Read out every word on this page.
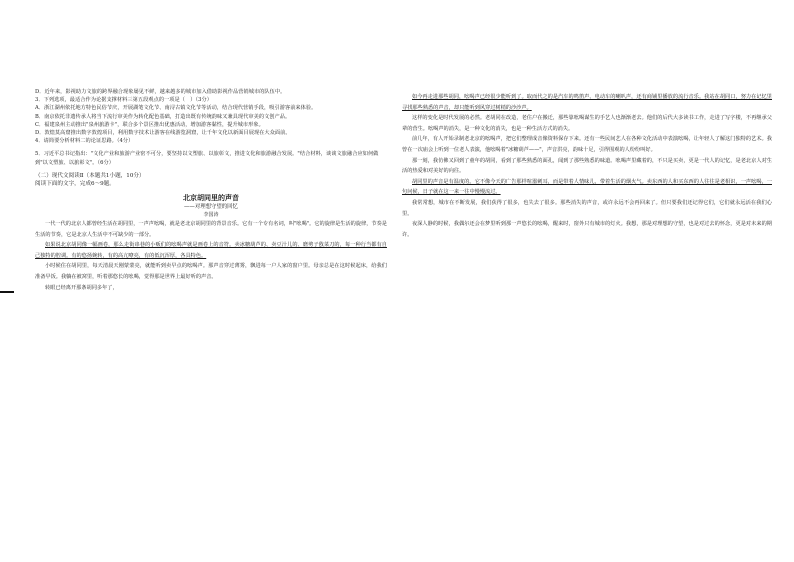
D．近年来，影视助力文旅的跨界融合现象屡见不鲜，越来越多的城市加入借助影视作品营销城市的队伍中。

3．下列选项，最适合作为论据支撑材料三第五段观点的一项是（　）（3分）

A．浙江湖州依托地方特色民俗节庆，开展湖笔文化节、南浔古镇文化节等活动，结合现代营销手段，吸引游客前来体验。

B．南京依托非遗传承人将当下流行审美作为转化配色基础，打造出既有传统韵味又兼具现代审美的文创产品。

C．福建泉州主动推出"泉州旅游卡"，联合多个景区推出优惠活动，增加游客黏性，提升城市形象。

D．敦煌莫高窟推出数字敦煌项目，利用数字技术让游客在线游览洞窟，让千年文化以新面目展现在大众面前。

4．请简要分析材料二的论证思路。（4分）

5．习近平总书记指出："文化产业和旅游产业密不可分，要坚持以文塑旅、以旅彰文，推进文化和旅游融合发展。"结合材料，谈谈文旅融合应如何做到"以文塑旅、以旅彰文"。（6分）

（二）现代文阅读Ⅱ（本题共1小题，10分）

阅读下面的文字，完成6～9题。

北京胡同里的声音
——对理想守望的回忆
李国涛

一代一代的北京人都曾经生活在胡同里，一声声吆喝，就是老北京胡同里的背景音乐。它有一个专有名词，叫"吆喝"。它的旋律是生活的旋律，节奏是生活的节奏，它是北京人生活中不可缺少的一部分。

如果说北京胡同像一幅画卷，那么走街串巷的小贩们的吆喝声就是画卷上的音符。卖冰糖葫芦的、卖豆汁儿的、磨剪子戗菜刀的，每一种行当都有自己独特的腔调。有的悠扬婉转，有的高亢嘹亮，有的低沉浑厚，各具特色。

小时候住在胡同里，每天清晨天刚蒙蒙亮，就能听到卖早点的吆喝声。那声音穿过薄雾，飘进每一户人家的窗户里。母亲总是在这时候起床，给我们准备早饭。我躺在被窝里，听着那悠长的吆喝，觉得那是世界上最好听的声音。

转眼已经离开那条胡同多年了，

如今再走进那些胡同，吆喝声已经很少能听到了。取而代之的是汽车的鸣笛声、电动车的喇叭声，还有商铺里播放的流行音乐。我站在胡同口，努力在记忆里寻找那些熟悉的声音，却只能听到风穿过树梢的沙沙声。

这样的变化是时代发展的必然。老胡同在改造，老住户在搬迁，那些靠吆喝谋生的手艺人也渐渐老去。他们的后代大多读书工作，走进了写字楼，不再继承父辈的营生。吆喝声的消失，是一种文化的消失，也是一种生活方式的消失。

前几年，有人开始录制老北京的吆喝声，把它们整理成音像资料保存下来。还有一些民间艺人在各种文化活动中表演吆喝，让年轻人了解这门独特的艺术。我曾在一次庙会上听到一位老人表演，他吆喝着"冰糖葫芦——"，声音洪亮，韵味十足，引得围观的人纷纷叫好。

那一刻，我仿佛又回到了童年的胡同，看到了那些熟悉的面孔，闻到了那些熟悉的味道。吆喝声里藏着的，不只是买卖，更是一代人的记忆，是老北京人对生活的热爱和对美好的向往。

胡同里的声音是有温度的。它不像今天的广告那样喧嚣刺耳，而是带着人情味儿，带着生活的烟火气。卖东西的人和买东西的人往往是老相识，一声吆喝，一句问候，日子就在这一来一往中慢慢流过。

我常常想，城市在不断发展，我们获得了很多，也失去了很多。那些消失的声音，或许永远不会再回来了。但只要我们还记得它们，它们就永远活在我们心里。

夜深人静的时候，我偶尔还会在梦里听到那一声悠长的吆喝，醒来时，窗外只有城市的灯火。我想，那是对理想的守望，也是对过去的怀念，更是对未来的期许。
